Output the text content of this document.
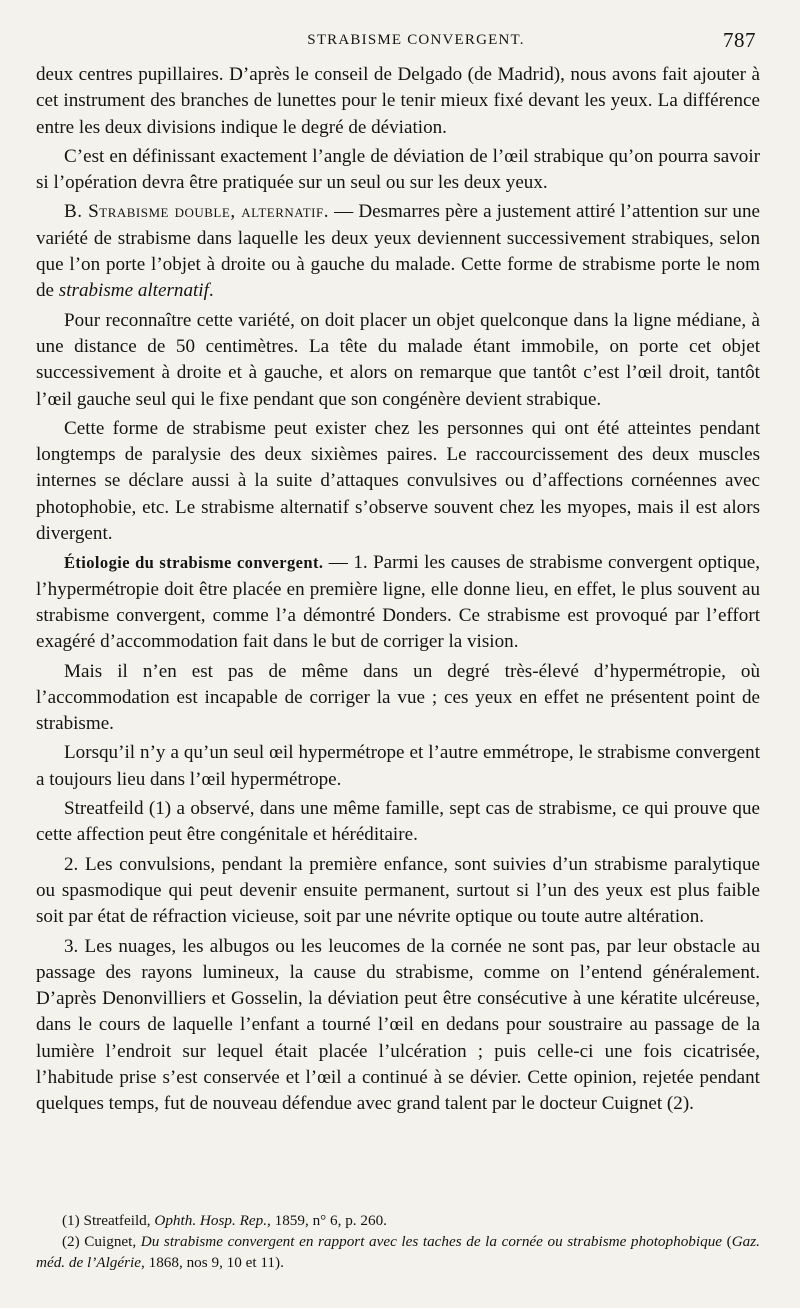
STRABISME CONVERGENT.	787

deux centres pupillaires. D’après le conseil de Delgado (de Madrid), nous avons fait ajouter à cet instrument des branches de lunettes pour le tenir mieux fixé devant les yeux. La différence entre les deux divisions indique le degré de déviation.

C’est en définissant exactement l’angle de déviation de l’œil strabique qu’on pourra savoir si l’opération devra être pratiquée sur un seul ou sur les deux yeux.

B. Strabisme double, alternatif. — Desmarres père a justement attiré l’attention sur une variété de strabisme dans laquelle les deux yeux deviennent successivement strabiques, selon que l’on porte l’objet à droite ou à gauche du malade. Cette forme de strabisme porte le nom de strabisme alternatif.

Pour reconnaître cette variété, on doit placer un objet quelconque dans la ligne médiane, à une distance de 50 centimètres. La tête du malade étant immobile, on porte cet objet successivement à droite et à gauche, et alors on remarque que tantôt c’est l’œil droit, tantôt l’œil gauche seul qui le fixe pendant que son congénère devient strabique.

Cette forme de strabisme peut exister chez les personnes qui ont été atteintes pendant longtemps de paralysie des deux sixièmes paires. Le raccourcissement des deux muscles internes se déclare aussi à la suite d’attaques convulsives ou d’affections cornéennes avec photophobie, etc. Le strabisme alternatif s’observe souvent chez les myopes, mais il est alors divergent.

Étiologie du strabisme convergent. — 1. Parmi les causes de strabisme convergent optique, l’hypermétropie doit être placée en première ligne, elle donne lieu, en effet, le plus souvent au strabisme convergent, comme l’a démontré Donders. Ce strabisme est provoqué par l’effort exagéré d’accommodation fait dans le but de corriger la vision.

Mais il n’en est pas de même dans un degré très-élevé d’hypermétropie, où l’accommodation est incapable de corriger la vue ; ces yeux en effet ne présentent point de strabisme.

Lorsqu’il n’y a qu’un seul œil hypermétrope et l’autre emmétrope, le strabisme convergent a toujours lieu dans l’œil hypermétrope.

Streatfeild (1) a observé, dans une même famille, sept cas de strabisme, ce qui prouve que cette affection peut être congénitale et héréditaire.

2. Les convulsions, pendant la première enfance, sont suivies d’un strabisme paralytique ou spasmodique qui peut devenir ensuite permanent, surtout si l’un des yeux est plus faible soit par état de réfraction vicieuse, soit par une névrite optique ou toute autre altération.

3. Les nuages, les albugos ou les leucomes de la cornée ne sont pas, par leur obstacle au passage des rayons lumineux, la cause du strabisme, comme on l’entend généralement. D’après Denonvilliers et Gosselin, la déviation peut être consécutive à une kératite ulcéreuse, dans le cours de laquelle l’enfant a tourné l’œil en dedans pour soustraire au passage de la lumière l’endroit sur lequel était placée l’ulcération ; puis celle-ci une fois cicatrisée, l’habitude prise s’est conservée et l’œil a continué à se dévier. Cette opinion, rejetée pendant quelques temps, fut de nouveau défendue avec grand talent par le docteur Cuignet (2).

(1) Streatfeild, Ophth. Hosp. Rep., 1859, n° 6, p. 260.

(2) Cuignet, Du strabisme convergent en rapport avec les taches de la cornée ou strabisme photophobique (Gaz. méd. de l’Algérie, 1868, nos 9, 10 et 11).
